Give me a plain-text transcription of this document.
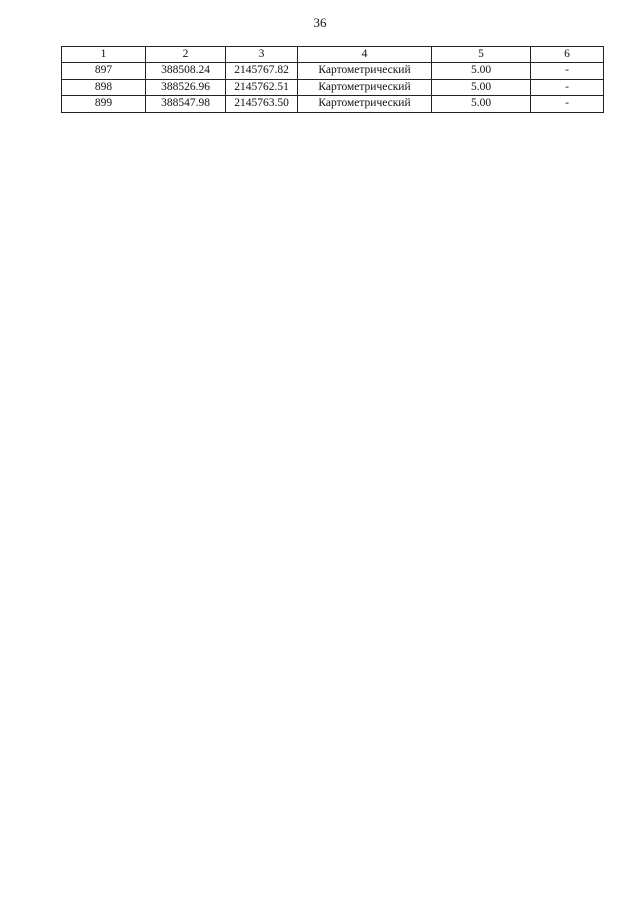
36
1	2	3	4	5	6
897	388508.24	2145767.82	Картометрический	5.00	-
898	388526.96	2145762.51	Картометрический	5.00	-
899	388547.98	2145763.50	Картометрический	5.00	-
